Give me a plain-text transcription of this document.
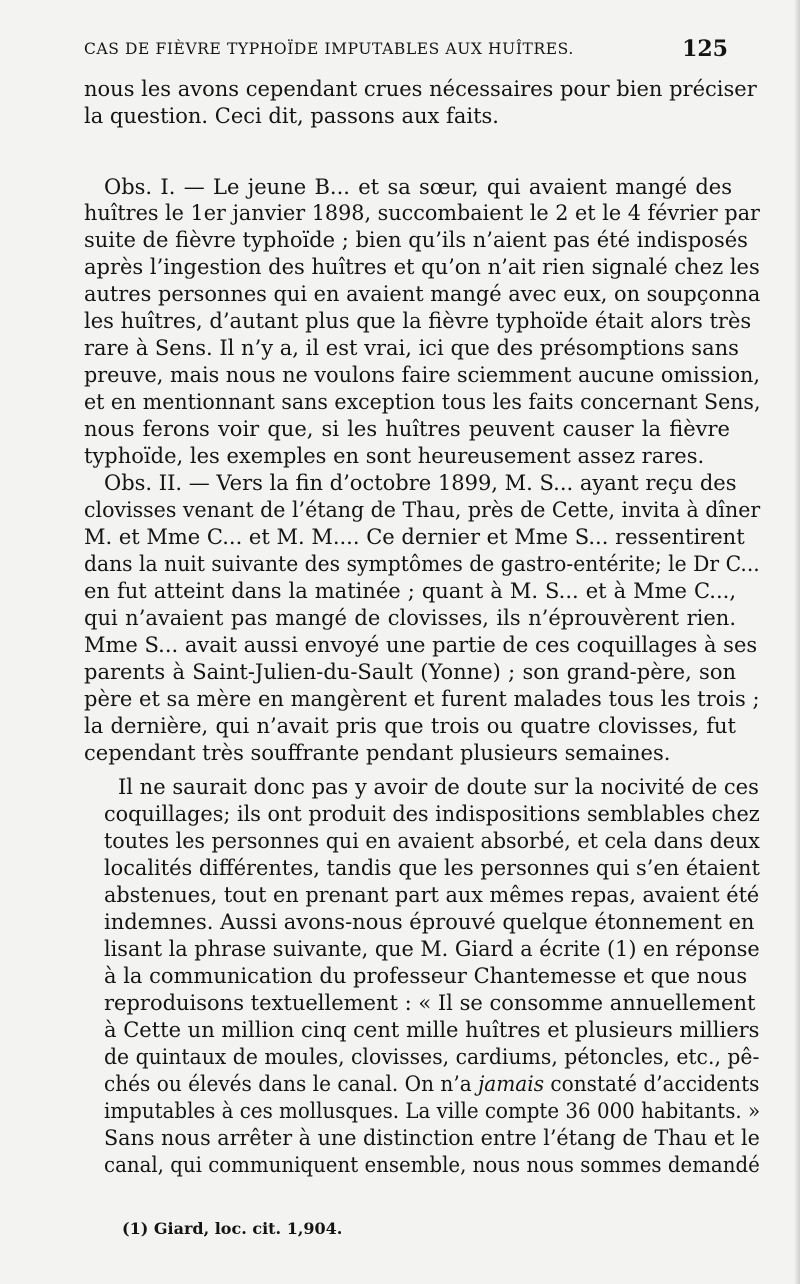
CAS DE FIÈVRE TYPHOÏDE IMPUTABLES AUX HUÎTRES.	125
nous les avons cependant crues nécessaires pour bien préciser
la question. Ceci dit, passons aux faits.
Obs. I. — Le jeune B... et sa sœur, qui avaient mangé des
huîtres le 1er janvier 1898, succombaient le 2 et le 4 février par
suite de fièvre typhoïde ; bien qu’ils n’aient pas été indisposés
après l’ingestion des huîtres et qu’on n’ait rien signalé chez les
autres personnes qui en avaient mangé avec eux, on soupçonna
les huîtres, d’autant plus que la fièvre typhoïde était alors très
rare à Sens. Il n’y a, il est vrai, ici que des présomptions sans
preuve, mais nous ne voulons faire sciemment aucune omission,
et en mentionnant sans exception tous les faits concernant Sens,
nous ferons voir que, si les huîtres peuvent causer la fièvre
typhoïde, les exemples en sont heureusement assez rares.
Obs. II. — Vers la fin d’octobre 1899, M. S... ayant reçu des
clovisses venant de l’étang de Thau, près de Cette, invita à dîner
M. et Mme C... et M. M.... Ce dernier et Mme S... ressentirent
dans la nuit suivante des symptômes de gastro-entérite; le Dr C...
en fut atteint dans la matinée ; quant à M. S... et à Mme C...,
qui n’avaient pas mangé de clovisses, ils n’éprouvèrent rien.
Mme S... avait aussi envoyé une partie de ces coquillages à ses
parents à Saint-Julien-du-Sault (Yonne) ; son grand-père, son
père et sa mère en mangèrent et furent malades tous les trois ;
la dernière, qui n’avait pris que trois ou quatre clovisses, fut
cependant très souffrante pendant plusieurs semaines.
Il ne saurait donc pas y avoir de doute sur la nocivité de ces
coquillages; ils ont produit des indispositions semblables chez
toutes les personnes qui en avaient absorbé, et cela dans deux
localités différentes, tandis que les personnes qui s’en étaient
abstenues, tout en prenant part aux mêmes repas, avaient été
indemnes. Aussi avons-nous éprouvé quelque étonnement en
lisant la phrase suivante, que M. Giard a écrite (1) en réponse
à la communication du professeur Chantemesse et que nous
reproduisons textuellement : « Il se consomme annuellement
à Cette un million cinq cent mille huîtres et plusieurs milliers
de quintaux de moules, clovisses, cardiums, pétoncles, etc., pê-
chés ou élevés dans le canal. On n’a jamais constaté d’accidents
imputables à ces mollusques. La ville compte 36 000 habitants. »
Sans nous arrêter à une distinction entre l’étang de Thau et le
canal, qui communiquent ensemble, nous nous sommes demandé
(1) Giard, loc. cit. 1,904.
